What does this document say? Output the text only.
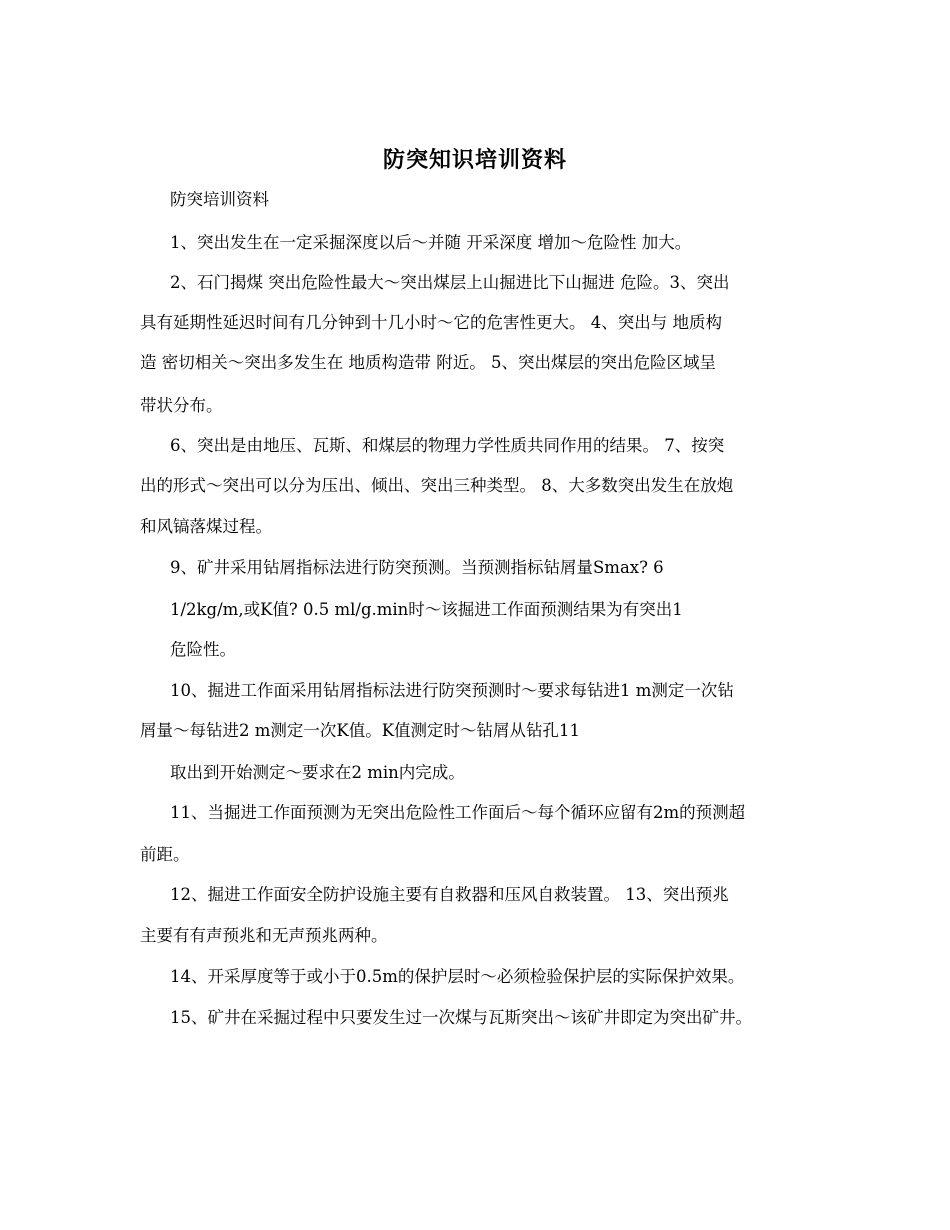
防突知识培训资料
防突培训资料
1、突出发生在一定采掘深度以后～并随 开采深度 增加～危险性 加大。
2、石门揭煤 突出危险性最大～突出煤层上山掘进比下山掘进 危险。3、突出
具有延期性延迟时间有几分钟到十几小时～它的危害性更大。 4、突出与 地质构
造 密切相关～突出多发生在 地质构造带 附近。 5、突出煤层的突出危险区域呈
带状分布。
6、突出是由地压、瓦斯、和煤层的物理力学性质共同作用的结果。 7、按突
出的形式～突出可以分为压出、倾出、突出三种类型。 8、大多数突出发生在放炮
和风镐落煤过程。
9、矿井采用钻屑指标法进行防突预测。当预测指标钻屑量Smax? 6
1/2kg/m,或K值? 0.5 ml/g.min时～该掘进工作面预测结果为有突出1
危险性。
10、掘进工作面采用钻屑指标法进行防突预测时～要求每钻进1 m测定一次钻
屑量～每钻进2 m测定一次K值。K值测定时～钻屑从钻孔11
取出到开始测定～要求在2 min内完成。
11、当掘进工作面预测为无突出危险性工作面后～每个循环应留有2m的预测超
前距。
12、掘进工作面安全防护设施主要有自救器和压风自救装置。 13、突出预兆
主要有有声预兆和无声预兆两种。
14、开采厚度等于或小于0.5m的保护层时～必须检验保护层的实际保护效果。
15、矿井在采掘过程中只要发生过一次煤与瓦斯突出～该矿井即定为突出矿井。
